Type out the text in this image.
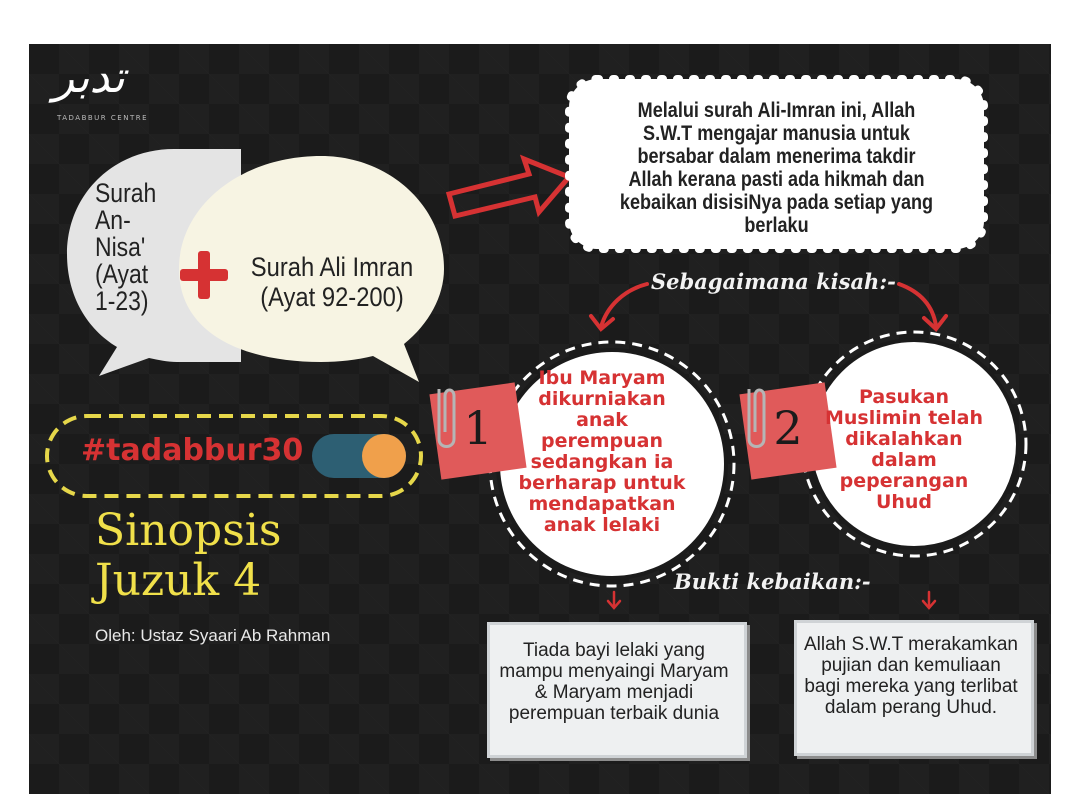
تدبر
TADABBUR CENTRE
Surah An-Nisa' (Ayat 1-23)
Surah Ali Imran
(Ayat 92-200)
Melalui surah Ali-Imran ini, Allah S.W.T mengajar manusia untuk bersabar dalam menerima takdir Allah kerana pasti ada hikmah dan kebaikan disisiNya pada setiap yang berlaku
Sebagaimana kisah:-
Bukti kebaikan:-
Ibu Maryam dikurniakan anak perempuan sedangkan ia berharap untuk mendapatkan anak lelaki
Pasukan Muslimin telah dikalahkan dalam peperangan Uhud
1	2
#tadabbur30
Sinopsis
Juzuk 4
Oleh: Ustaz Syaari Ab Rahman
Tiada bayi lelaki yang mampu menyaingi Maryam & Maryam menjadi perempuan terbaik dunia
Allah S.W.T merakamkan pujian dan kemuliaan bagi mereka yang terlibat dalam perang Uhud.
